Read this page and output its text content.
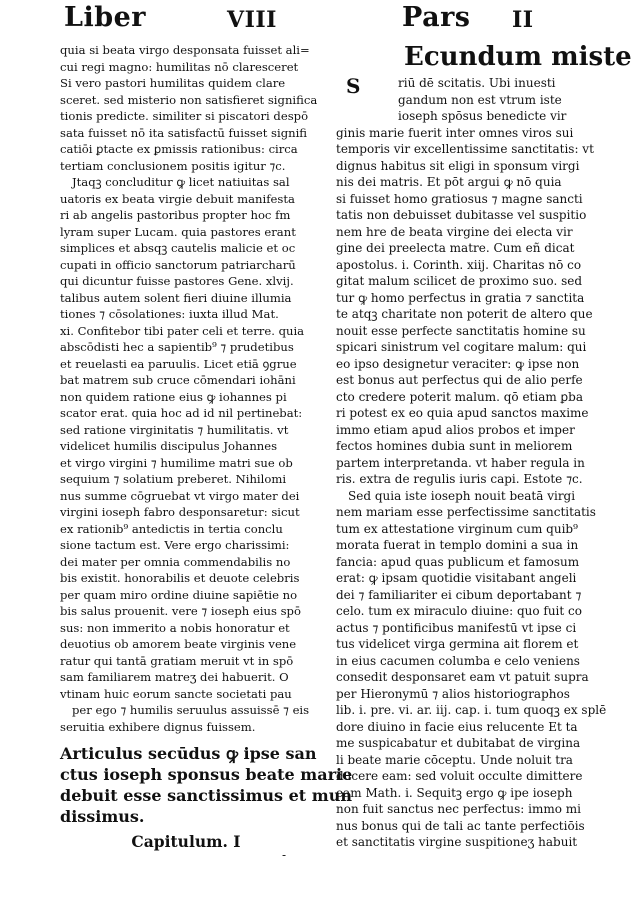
Liber	VIII	Pars II
quia si beata virgo desponsata fuisset ali=
cui regi magno: humilitas nō claresceret
Si vero pastori humilitas quidem clare
sceret. sed misterio non satisfieret significa
tionis predicte. similiter si piscatori despō
sata fuisset nō ita satisfactū fuisset signifi
catiōi ꝑtacte ex ꝑmissis rationibus: circa
tertiam conclusionem positis igitur ⁊c.
Jtaqꝫ concluditur ꝙ licet natiuitas sal
uatoris ex beata virgie debuit manifesta
ri ab angelis pastoribus propter hoc fm
lyram super Lucam. quia pastores erant
simplices et absqꝫ cautelis malicie et oc
cupati in officio sanctorum patriarcharū
qui dicuntur fuisse pastores Gene. xlvij.
talibus autem solent fieri diuine illumia
tiones ⁊ cōsolationes: iuxta illud Mat.
xi. Confitebor tibi pater celi et terre. quia
abscōdisti hec a sapientib⁹ ⁊ prudetibus
et reuelasti ea paruulis. Licet etiā ꝯgrue
bat matrem sub cruce cōmendari iohāni
non quidem ratione eius ꝙ iohannes pi
scator erat. quia hoc ad id nil pertinebat:
sed ratione virginitatis ⁊ humilitatis. vt
videlicet humilis discipulus Johannes
et virgo virgini ⁊ humilime matri sue ob
sequium ⁊ solatium preberet. Nihilomi
nus summe cōgruebat vt virgo mater dei
virgini ioseph fabro desponsaretur: sicut
ex rationib⁹ antedictis in tertia conclu
sione tactum est. Vere ergo charissimi:
dei mater per omnia commendabilis no
bis existit. honorabilis et deuote celebris
per quam miro ordine diuine sapiētie no
bis salus prouenit. vere ⁊ ioseph eius spō
sus: non immerito a nobis honoratur et
deuotius ob amorem beate virginis vene
ratur qui tantā gratiam meruit vt in spō
sam familiarem matreʒ dei habuerit. O
vtinam huic eorum sancte societati pau
per ego ⁊ humilis seruulus assuissē ⁊ eis
seruitia exhibere dignus fuissem.
Articulus secūdus ꝙ ipse san
ctus ioseph sponsus beate marie
debuit esse sanctissimus et mun
dissimus.
Capitulum. I
Ecundum miste
S	riū dē scitatis. Ubi inuesti
gandum non est vtrum iste
ioseph spōsus benedicte vir
ginis marie fuerit inter omnes viros sui
temporis vir excellentissime sanctitatis: vt
dignus habitus sit eligi in sponsum virgi
nis dei matris. Et pōt argui ꝙ nō quia
si fuisset homo gratiosus ⁊ magne sancti
tatis non debuisset dubitasse vel suspitio
nem hre de beata virgine dei electa vir
gine dei preelecta matre. Cum eñ dicat
apostolus. i. Corinth. xiij. Charitas nō co
gitat malum scilicet de proximo suo. sed
tur ꝙ homo perfectus in gratia ⁊ sanctita
te atqꝫ charitate non poterit de altero que
nouit esse perfecte sanctitatis homine su
spicari sinistrum vel cogitare malum: qui
eo ipso designetur veraciter: ꝙ ipse non
est bonus aut perfectus qui de alio perfe
cto credere poterit malum. qō etiam ꝑba
ri potest ex eo quia apud sanctos maxime
immo etiam apud alios probos et imper
fectos homines dubia sunt in meliorem
partem interpretanda. vt haber regula in
ris. extra de regulis iuris capi. Estote ⁊c.
Sed quia iste ioseph nouit beatā virgi
nem mariam esse perfectissime sanctitatis
tum ex attestatione virginum cum quib⁹
morata fuerat in templo domini a sua in
fancia: apud quas publicum et famosum
erat: ꝙ ipsam quotidie visitabant angeli
dei ⁊ familiariter ei cibum deportabant ⁊
celo. tum ex miraculo diuine: quo fuit co
actus ⁊ pontificibus manifestū vt ipse ci
tus videlicet virga germina ait florem et
in eius cacumen columba e celo veniens
consedit desponsaret eam vt patuit supra
per Hieronymū ⁊ alios historiographos
lib. i. pre. vi. ar. iij. cap. i. tum quoqꝫ ex splē
dore diuino in facie eius relucente Et ta
me suspicabatur et dubitabat de virgina
li beate marie cōceptu. Unde noluit tra
ducere eam: sed voluit occulte dimittere
eam Math. i. Sequitꝫ ergo ꝙ ipe ioseph
non fuit sanctus nec perfectus: immo mi
nus bonus qui de tali ac tante perfectiōis
et sanctitatis virgine suspitioneʒ habuit
-
